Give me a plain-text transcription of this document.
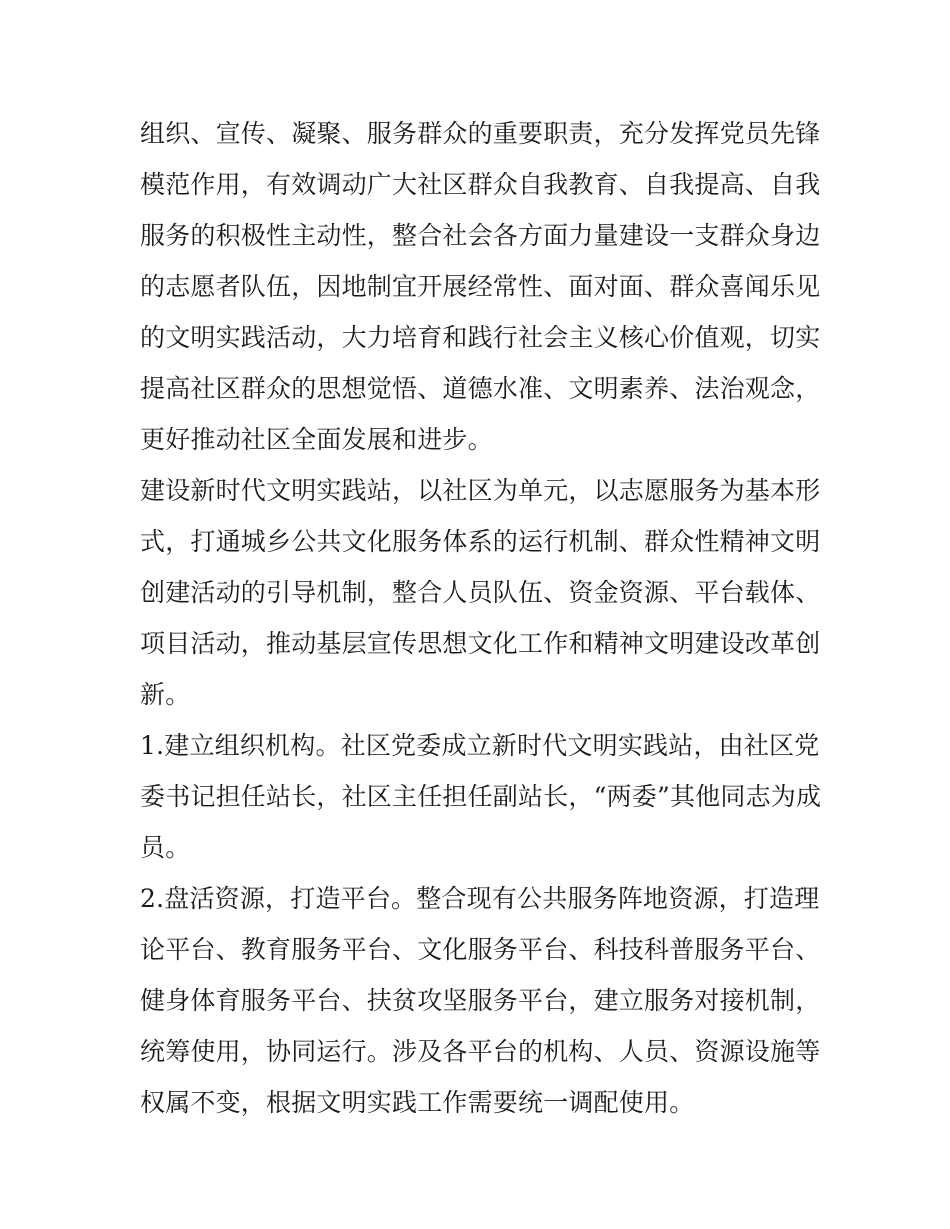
组织、宣传、凝聚、服务群众的重要职责，充分发挥党员先锋
模范作用，有效调动广大社区群众自我教育、自我提高、自我
服务的积极性主动性，整合社会各方面力量建设一支群众身边
的志愿者队伍，因地制宜开展经常性、面对面、群众喜闻乐见
的文明实践活动，大力培育和践行社会主义核心价值观，切实
提高社区群众的思想觉悟、道德水准、文明素养、法治观念，
更好推动社区全面发展和进步。
建设新时代文明实践站，以社区为单元，以志愿服务为基本形
式，打通城乡公共文化服务体系的运行机制、群众性精神文明
创建活动的引导机制，整合人员队伍、资金资源、平台载体、
项目活动，推动基层宣传思想文化工作和精神文明建设改革创
新。
1.建立组织机构。社区党委成立新时代文明实践站，由社区党
委书记担任站长，社区主任担任副站长，“两委”其他同志为成
员。
2.盘活资源，打造平台。整合现有公共服务阵地资源，打造理
论平台、教育服务平台、文化服务平台、科技科普服务平台、
健身体育服务平台、扶贫攻坚服务平台，建立服务对接机制，
统筹使用，协同运行。涉及各平台的机构、人员、资源设施等
权属不变，根据文明实践工作需要统一调配使用。
